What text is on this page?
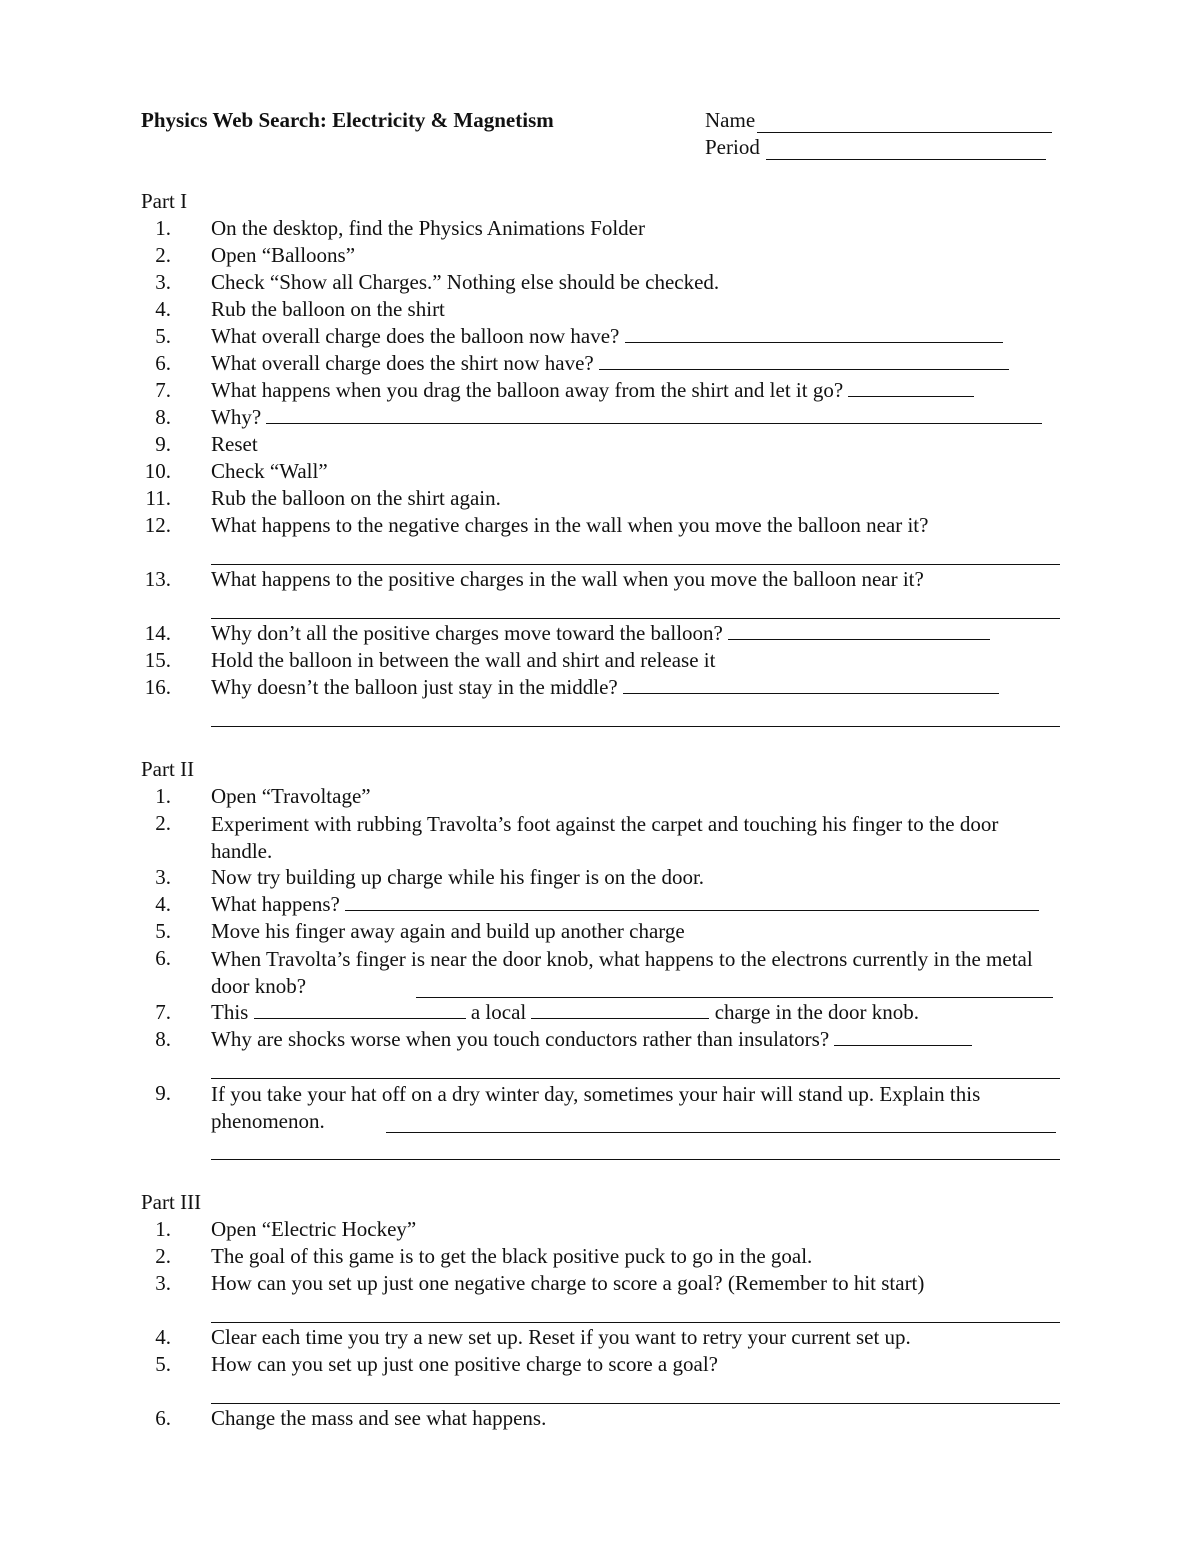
Physics Web Search: Electricity & Magnetism	Name
Period
Part I
1. On the desktop, find the Physics Animations Folder
2. Open “Balloons”
3. Check “Show all Charges.” Nothing else should be checked.
4. Rub the balloon on the shirt
5. What overall charge does the balloon now have?
6. What overall charge does the shirt now have?
7. What happens when you drag the balloon away from the shirt and let it go?
8. Why?
9. Reset
10. Check “Wall”
11. Rub the balloon on the shirt again.
12. What happens to the negative charges in the wall when you move the balloon near it?
13. What happens to the positive charges in the wall when you move the balloon near it?
14. Why don’t all the positive charges move toward the balloon?
15. Hold the balloon in between the wall and shirt and release it
16. Why doesn’t the balloon just stay in the middle?
Part II
1. Open “Travoltage”
2. Experiment with rubbing Travolta’s foot against the carpet and touching his finger to the door handle.
3. Now try building up charge while his finger is on the door.
4. What happens?
5. Move his finger away again and build up another charge
6. When Travolta’s finger is near the door knob, what happens to the electrons currently in the metal door knob?
7. This	a local	charge in the door knob.
8. Why are shocks worse when you touch conductors rather than insulators?
9. If you take your hat off on a dry winter day, sometimes your hair will stand up. Explain this phenomenon.
Part III
1. Open “Electric Hockey”
2. The goal of this game is to get the black positive puck to go in the goal.
3. How can you set up just one negative charge to score a goal? (Remember to hit start)
4. Clear each time you try a new set up. Reset if you want to retry your current set up.
5. How can you set up just one positive charge to score a goal?
6. Change the mass and see what happens.
